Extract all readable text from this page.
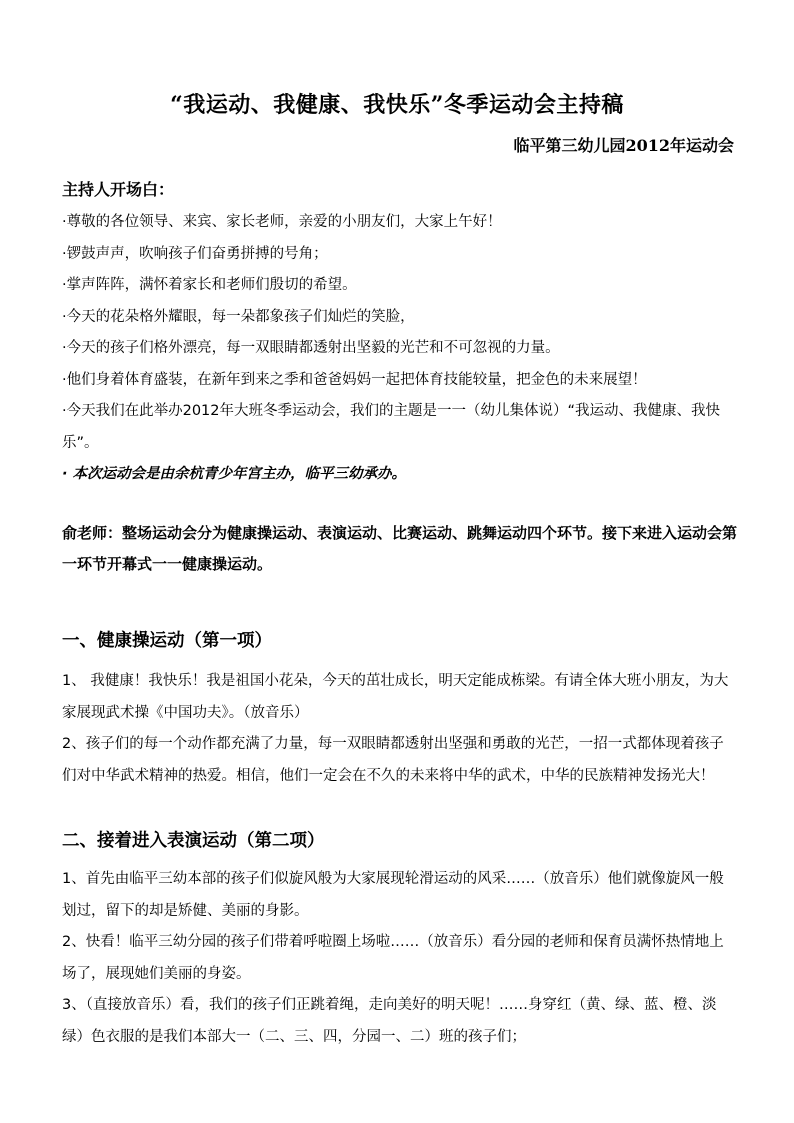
“我运动、我健康、我快乐”冬季运动会主持稿
临平第三幼儿园2012年运动会
主持人开场白：
·尊敬的各位领导、来宾、家长老师，亲爱的小朋友们，大家上午好！
·锣鼓声声，吹响孩子们奋勇拼搏的号角；
·掌声阵阵，满怀着家长和老师们殷切的希望。
·今天的花朵格外耀眼，每一朵都象孩子们灿烂的笑脸，
·今天的孩子们格外漂亮，每一双眼睛都透射出坚毅的光芒和不可忽视的力量。
·他们身着体育盛装，在新年到来之季和爸爸妈妈一起把体育技能较量，把金色的未来展望！
·今天我们在此举办2012年大班冬季运动会，我们的主题是一一（幼儿集体说）“我运动、我健康、我快乐”。
· 本次运动会是由余杭青少年宫主办，临平三幼承办。
俞老师：整场运动会分为健康操运动、表演运动、比赛运动、跳舞运动四个环节。接下来进入运动会第一环节开幕式一一健康操运动。
一、健康操运动（第一项）

1、 我健康！我快乐！我是祖国小花朵，今天的茁壮成长，明天定能成栋梁。有请全体大班小朋友，为大家展现武术操《中国功夫》。（放音乐）

2、孩子们的每一个动作都充满了力量，每一双眼睛都透射出坚强和勇敢的光芒，一招一式都体现着孩子们对中华武术精神的热爱。相信，他们一定会在不久的未来将中华的武术，中华的民族精神发扬光大！

二、接着进入表演运动（第二项）

1、首先由临平三幼本部的孩子们似旋风般为大家展现轮滑运动的风采……（放音乐）他们就像旋风一般划过，留下的却是矫健、美丽的身影。

2、快看！临平三幼分园的孩子们带着呼啦圈上场啦……（放音乐）看分园的老师和保育员满怀热情地上场了，展现她们美丽的身姿。

3、（直接放音乐）看，我们的孩子们正跳着绳，走向美好的明天呢！……身穿红（黄、绿、蓝、橙、淡绿）色衣服的是我们本部大一（二、三、四，分园一、二）班的孩子们；
